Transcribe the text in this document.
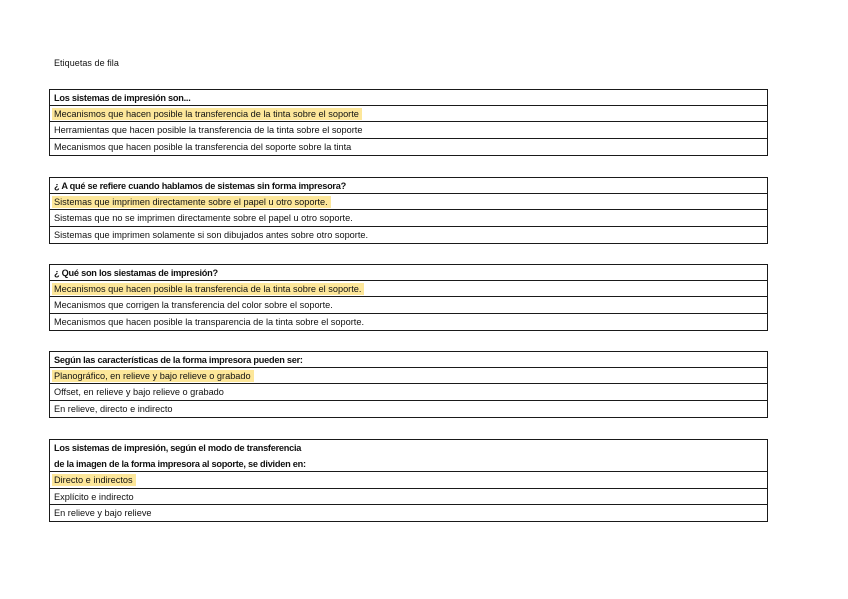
Etiquetas de fila
Los sistemas de impresión son...
Mecanismos que hacen posible la transferencia de la tinta sobre el soporte
Herramientas que hacen posible la transferencia de la tinta sobre el soporte
Mecanismos que hacen posible la transferencia del soporte sobre la tinta
¿ A qué se refiere cuando hablamos de sistemas sin forma impresora?
Sistemas que imprimen directamente sobre el papel u otro soporte.
Sistemas que no se imprimen directamente sobre el papel u otro soporte.
Sistemas que imprimen solamente si son dibujados antes sobre otro soporte.
¿ Qué son los siestamas de impresión?
Mecanismos que hacen posible la transferencia de la tinta sobre el soporte.
Mecanismos que corrigen la transferencia del color sobre el soporte.
Mecanismos que hacen posible la transparencia de la tinta sobre el soporte.
Según las características de la forma impresora pueden ser:
Planográfico, en relieve y bajo relieve o grabado
Offset, en relieve y bajo relieve o grabado
En relieve, directo e indirecto
Los sistemas de impresión, según el modo de transferencia
de la imagen de la forma impresora al soporte, se dividen en:
Directo e indirectos
Explícito e indirecto
En relieve y bajo relieve
